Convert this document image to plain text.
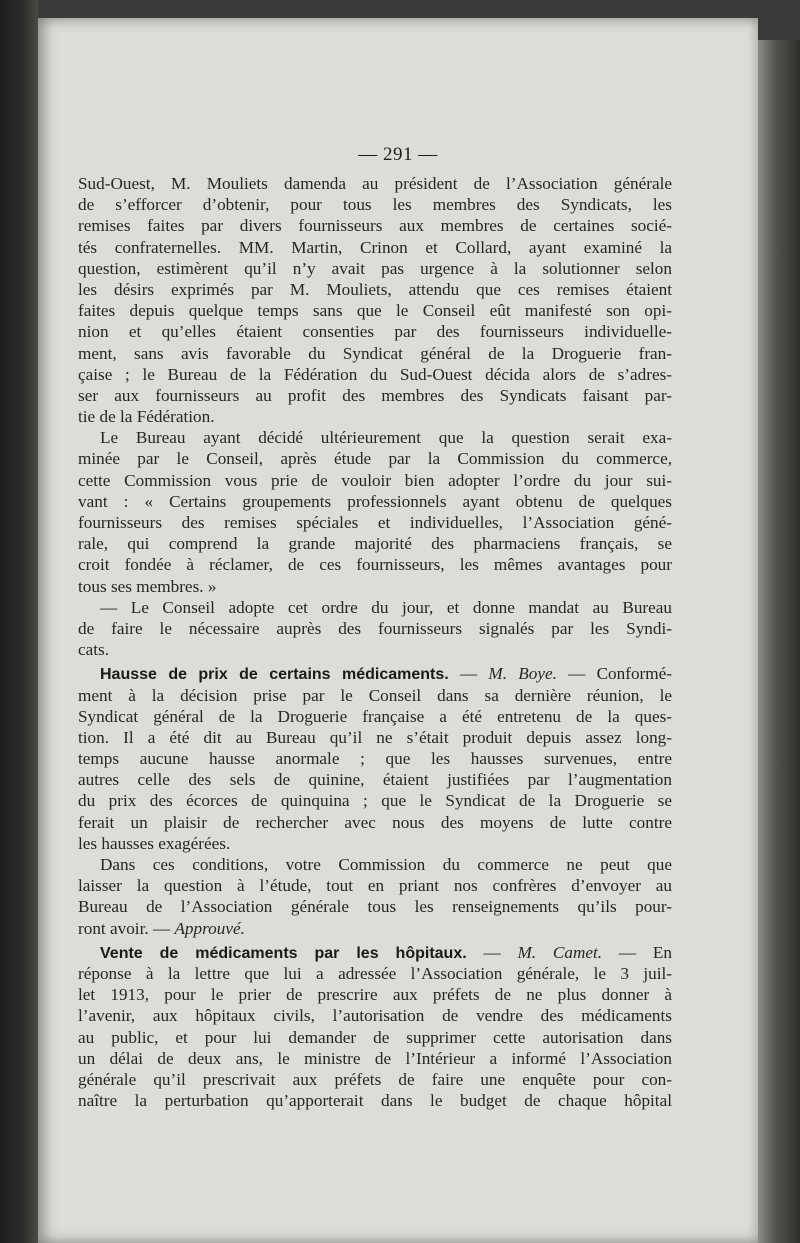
— 291 —
Sud-Ouest, M. Mouliets damenda au président de l’Association générale
de s’efforcer d’obtenir, pour tous les membres des Syndicats, les
remises faites par divers fournisseurs aux membres de certaines socié-
tés confraternelles. MM. Martin, Crinon et Collard, ayant examiné la
question, estimèrent qu’il n’y avait pas urgence à la solutionner selon
les désirs exprimés par M. Mouliets, attendu que ces remises étaient
faites depuis quelque temps sans que le Conseil eût manifesté son opi-
nion et qu’elles étaient consenties par des fournisseurs individuelle-
ment, sans avis favorable du Syndicat général de la Droguerie fran-
çaise ; le Bureau de la Fédération du Sud-Ouest décida alors de s’adres-
ser aux fournisseurs au profit des membres des Syndicats faisant par-
tie de la Fédération.
Le Bureau ayant décidé ultérieurement que la question serait exa-
minée par le Conseil, après étude par la Commission du commerce,
cette Commission vous prie de vouloir bien adopter l’ordre du jour sui-
vant : « Certains groupements professionnels ayant obtenu de quelques
fournisseurs des remises spéciales et individuelles, l’Association géné-
rale, qui comprend la grande majorité des pharmaciens français, se
croit fondée à réclamer, de ces fournisseurs, les mêmes avantages pour
tous ses membres. »
— Le Conseil adopte cet ordre du jour, et donne mandat au Bureau
de faire le nécessaire auprès des fournisseurs signalés par les Syndi-
cats.
Hausse de prix de certains médicaments. — M. Boye. — Conformé-
ment à la décision prise par le Conseil dans sa dernière réunion, le
Syndicat général de la Droguerie française a été entretenu de la ques-
tion. Il a été dit au Bureau qu’il ne s’était produit depuis assez long-
temps aucune hausse anormale ; que les hausses survenues, entre
autres celle des sels de quinine, étaient justifiées par l’augmentation
du prix des écorces de quinquina ; que le Syndicat de la Droguerie se
ferait un plaisir de rechercher avec nous des moyens de lutte contre
les hausses exagérées.
Dans ces conditions, votre Commission du commerce ne peut que
laisser la question à l’étude, tout en priant nos confrères d’envoyer au
Bureau de l’Association générale tous les renseignements qu’ils pour-
ront avoir. — Approuvé.
Vente de médicaments par les hôpitaux. — M. Camet. — En
réponse à la lettre que lui a adressée l’Association générale, le 3 juil-
let 1913, pour le prier de prescrire aux préfets de ne plus donner à
l’avenir, aux hôpitaux civils, l’autorisation de vendre des médicaments
au public, et pour lui demander de supprimer cette autorisation dans
un délai de deux ans, le ministre de l’Intérieur a informé l’Association
générale qu’il prescrivait aux préfets de faire une enquête pour con-
naître la perturbation qu’apporterait dans le budget de chaque hôpital
